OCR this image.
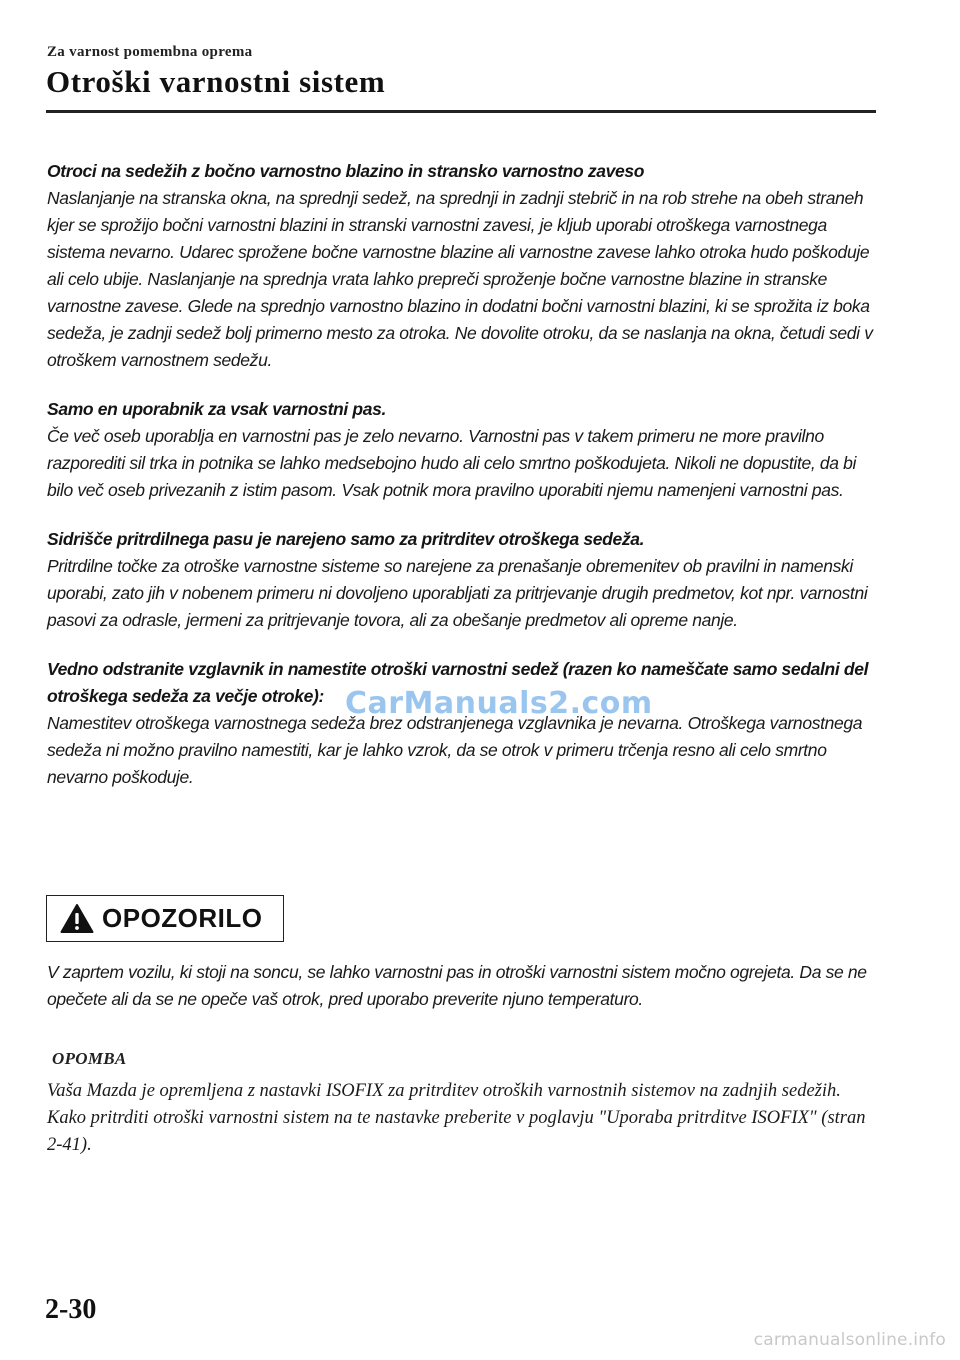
Za varnost pomembna oprema
Otroški varnostni sistem
Otroci na sedežih z bočno varnostno blazino in stransko varnostno zaveso
Naslanjanje na stranska okna, na sprednji sedež, na sprednji in zadnji stebrič in na rob strehe na obeh straneh kjer se sprožijo bočni varnostni blazini in stranski varnostni zavesi, je kljub uporabi otroškega varnostnega sistema nevarno. Udarec sprožene bočne varnostne blazine ali varnostne zavese lahko otroka hudo poškoduje ali celo ubije. Naslanjanje na sprednja vrata lahko prepreči sproženje bočne varnostne blazine in stranske varnostne zavese. Glede na sprednjo varnostno blazino in dodatni bočni varnostni blazini, ki se sprožita iz boka sedeža, je zadnji sedež bolj primerno mesto za otroka. Ne dovolite otroku, da se naslanja na okna, četudi sedi v otroškem varnostnem sedežu.
Samo en uporabnik za vsak varnostni pas.
Če več oseb uporablja en varnostni pas je zelo nevarno. Varnostni pas v takem primeru ne more pravilno razporediti sil trka in potnika se lahko medsebojno hudo ali celo smrtno poškodujeta. Nikoli ne dopustite, da bi bilo več oseb privezanih z istim pasom. Vsak potnik mora pravilno uporabiti njemu namenjeni varnostni pas.
Sidrišče pritrdilnega pasu je narejeno samo za pritrditev otroškega sedeža.
Pritrdilne točke za otroške varnostne sisteme so narejene za prenašanje obremenitev ob pravilni in namenski uporabi, zato jih v nobenem primeru ni dovoljeno uporabljati za pritrjevanje drugih predmetov, kot npr. varnostni pasovi za odrasle, jermeni za pritrjevanje tovora, ali za obešanje predmetov ali opreme nanje.
Vedno odstranite vzglavnik in namestite otroški varnostni sedež (razen ko nameščate samo sedalni del otroškega sedeža za večje otroke):
Namestitev otroškega varnostnega sedeža brez odstranjenega vzglavnika je nevarna. Otroškega varnostnega sedeža ni možno pravilno namestiti, kar je lahko vzrok, da se otrok v primeru trčenja resno ali celo smrtno nevarno poškoduje.
CarManuals2.com
OPOZORILO
V zaprtem vozilu, ki stoji na soncu, se lahko varnostni pas in otroški varnostni sistem močno ogrejeta. Da se ne opečete ali da se ne opeče vaš otrok, pred uporabo preverite njuno temperaturo.
OPOMBA
Vaša Mazda je opremljena z nastavki ISOFIX za pritrditev otroških varnostnih sistemov na zadnjih sedežih. Kako pritrditi otroški varnostni sistem na te nastavke preberite v poglavju "Uporaba pritrditve ISOFIX" (stran 2-41).
2-30
carmanualsonline.info
